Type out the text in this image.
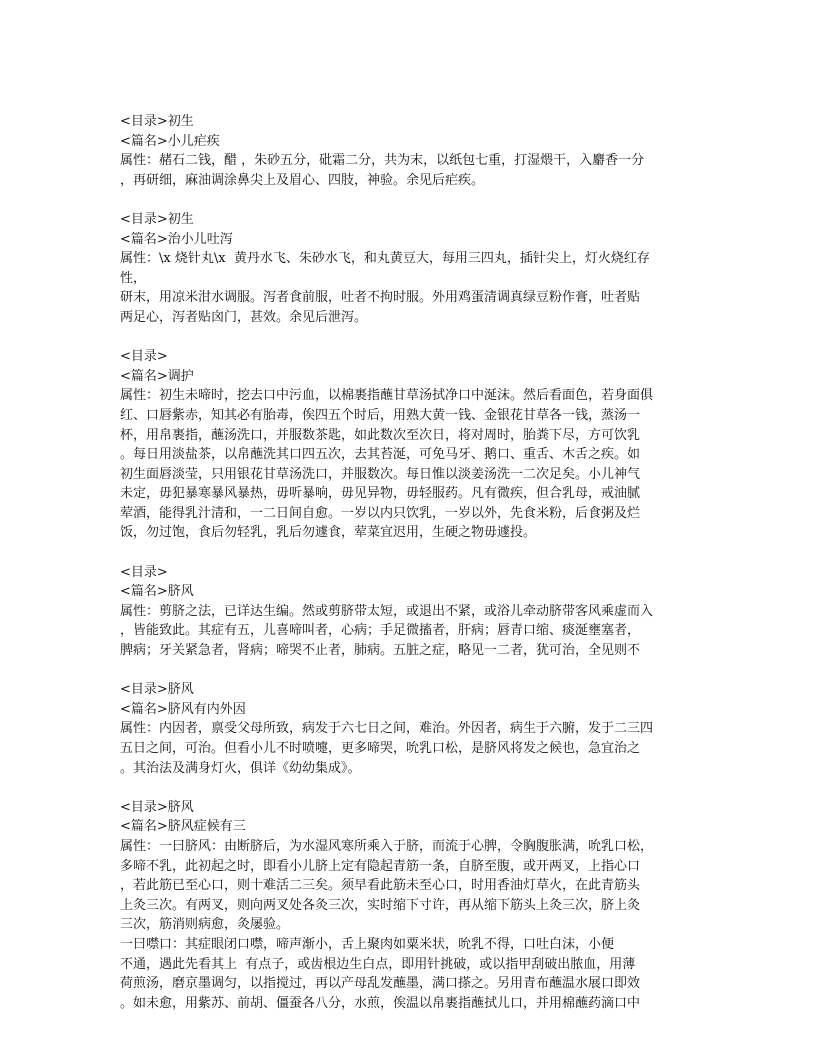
<目录>初生
<篇名>小儿疟疾
属性：赭石二钱，醋 ，朱砂五分，砒霜二分，共为末，以纸包七重，打湿煨干，入麝香一分
，再研细，麻油调涂鼻尖上及眉心、四肢，神验。余见后疟疾。
<目录>初生
<篇名>治小儿吐泻
属性：\x 烧针丸\x  黄丹水飞、朱砂水飞，和丸黄豆大，每用三四丸，插针尖上，灯火烧红存
性，
研末，用凉米泔水调服。泻者食前服，吐者不拘时服。外用鸡蛋清调真绿豆粉作膏，吐者贴
两足心，泻者贴囟门，甚效。余见后泄泻。
<目录>
<篇名>调护
属性：初生未啼时，挖去口中污血，以棉裹指蘸甘草汤拭净口中涎沫。然后看面色，若身面俱
红、口唇紫赤，知其必有胎毒，俟四五个时后，用熟大黄一钱、金银花甘草各一钱，蒸汤一
杯，用帛裹指，蘸汤洗口，并服数茶匙，如此数次至次日，将对周时，胎粪下尽，方可饮乳
。每日用淡盐茶，以帛蘸洗其口四五次，去其苔涎，可免马牙、鹅口、重舌、木舌之疾。如
初生面唇淡莹，只用银花甘草汤洗口，并服数次。每日惟以淡姜汤洗一二次足矣。小儿神气
未定，毋犯暴寒暴风暴热，毋听暴响，毋见异物，毋轻服药。凡有微疾，但合乳母，戒油腻
荤酒，能得乳汁清和，一二日间自愈。一岁以内只饮乳，一岁以外，先食米粉，后食粥及烂
饭，勿过饱，食后勿轻乳，乳后勿遽食，荤菜宜迟用，生硬之物毋遽投。
<目录>
<篇名>脐风
属性：剪脐之法，已详达生编。然或剪脐带太短，或退出不紧，或浴儿牵动脐带客风乘虚而入
，皆能致此。其症有五，儿喜啼叫者，心病；手足微搐者，肝病；唇青口缩、痰涎壅塞者，
脾病；牙关紧急者，肾病；啼哭不止者，肺病。五脏之症，略见一二者，犹可治，全见则不
<目录>脐风
<篇名>脐风有内外因
属性：内因者，禀受父母所致，病发于六七日之间，难治。外因者，病生于六腑，发于二三四
五日之间，可治。但看小儿不时喷嚏，更多啼哭，吮乳口松，是脐风将发之候也，急宜治之
。其治法及满身灯火，俱详《幼幼集成》。
<目录>脐风
<篇名>脐风症候有三
属性：一曰脐风：由断脐后，为水湿风寒所乘入于脐，而流于心脾，令胸腹胀满，吮乳口松，
多啼不乳，此初起之时，即看小儿脐上定有隐起青筋一条，自脐至腹，或开两叉，上指心口
，若此筋已至心口，则十难活二三矣。须早看此筋未至心口，时用香油灯草火，在此青筋头
上灸三次。有两叉，则向两叉处各灸三次，实时缩下寸许，再从缩下筋头上灸三次，脐上灸
三次，筋消则病愈，灸屡验。
一曰噤口：其症眼闭口噤，啼声渐小，舌上聚肉如粟米状，吮乳不得，口吐白沫，小便
不通，遇此先看其上  有点子，或齿根边生白点，即用针挑破，或以指甲刮破出脓血，用薄
荷煎汤，磨京墨调匀，以指搅过，再以产母乱发蘸墨，满口搽之。另用青布蘸温水展口即效
。如未愈，用紫苏、前胡、僵蚕各八分，水煎，俟温以帛裹指蘸拭儿口，并用棉蘸药滴口中
